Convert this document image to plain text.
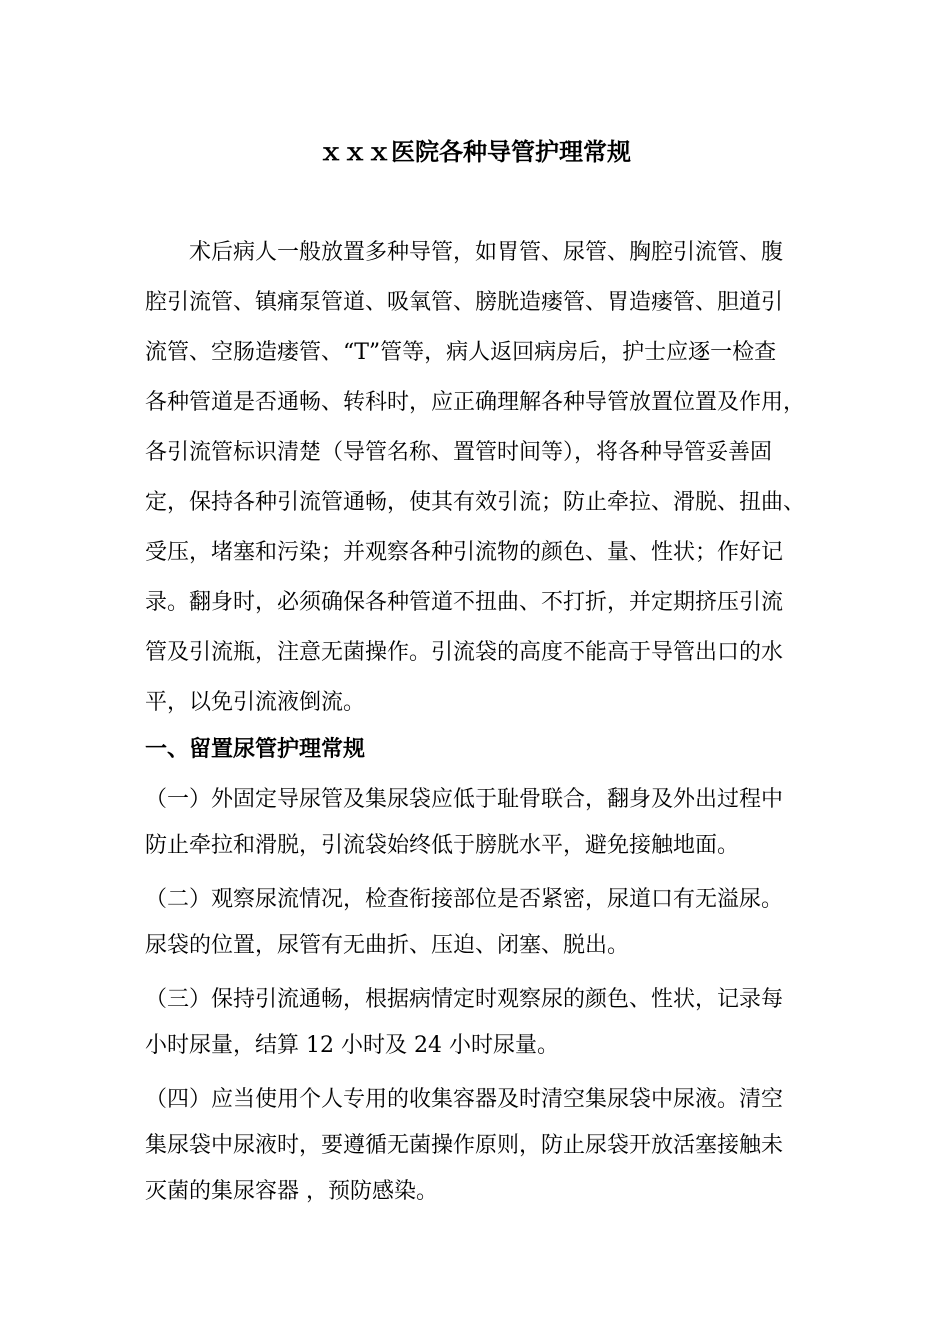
ｘｘｘ医院各种导管护理常规
　　术后病人一般放置多种导管，如胃管、尿管、胸腔引流管、腹
腔引流管、镇痛泵管道、吸氧管、膀胱造瘘管、胃造瘘管、胆道引
流管、空肠造瘘管、“T”管等，病人返回病房后，护士应逐一检查
各种管道是否通畅、转科时，应正确理解各种导管放置位置及作用，
各引流管标识清楚（导管名称、置管时间等），将各种导管妥善固
定，保持各种引流管通畅，使其有效引流；防止牵拉、滑脱、扭曲、
受压，堵塞和污染；并观察各种引流物的颜色、量、性状；作好记
录。翻身时，必须确保各种管道不扭曲、不打折，并定期挤压引流
管及引流瓶，注意无菌操作。引流袋的高度不能高于导管出口的水
平，以免引流液倒流。
一、留置尿管护理常规
（一）外固定导尿管及集尿袋应低于耻骨联合，翻身及外出过程中
防止牵拉和滑脱，引流袋始终低于膀胱水平，避免接触地面。
（二）观察尿流情况，检查衔接部位是否紧密，尿道口有无溢尿。
尿袋的位置，尿管有无曲折、压迫、闭塞、脱出。
（三）保持引流通畅，根据病情定时观察尿的颜色、性状，记录每
小时尿量，结算 12 小时及 24 小时尿量。
（四）应当使用个人专用的收集容器及时清空集尿袋中尿液。清空
集尿袋中尿液时，要遵循无菌操作原则，防止尿袋开放活塞接触未
灭菌的集尿容器 ，预防感染。
